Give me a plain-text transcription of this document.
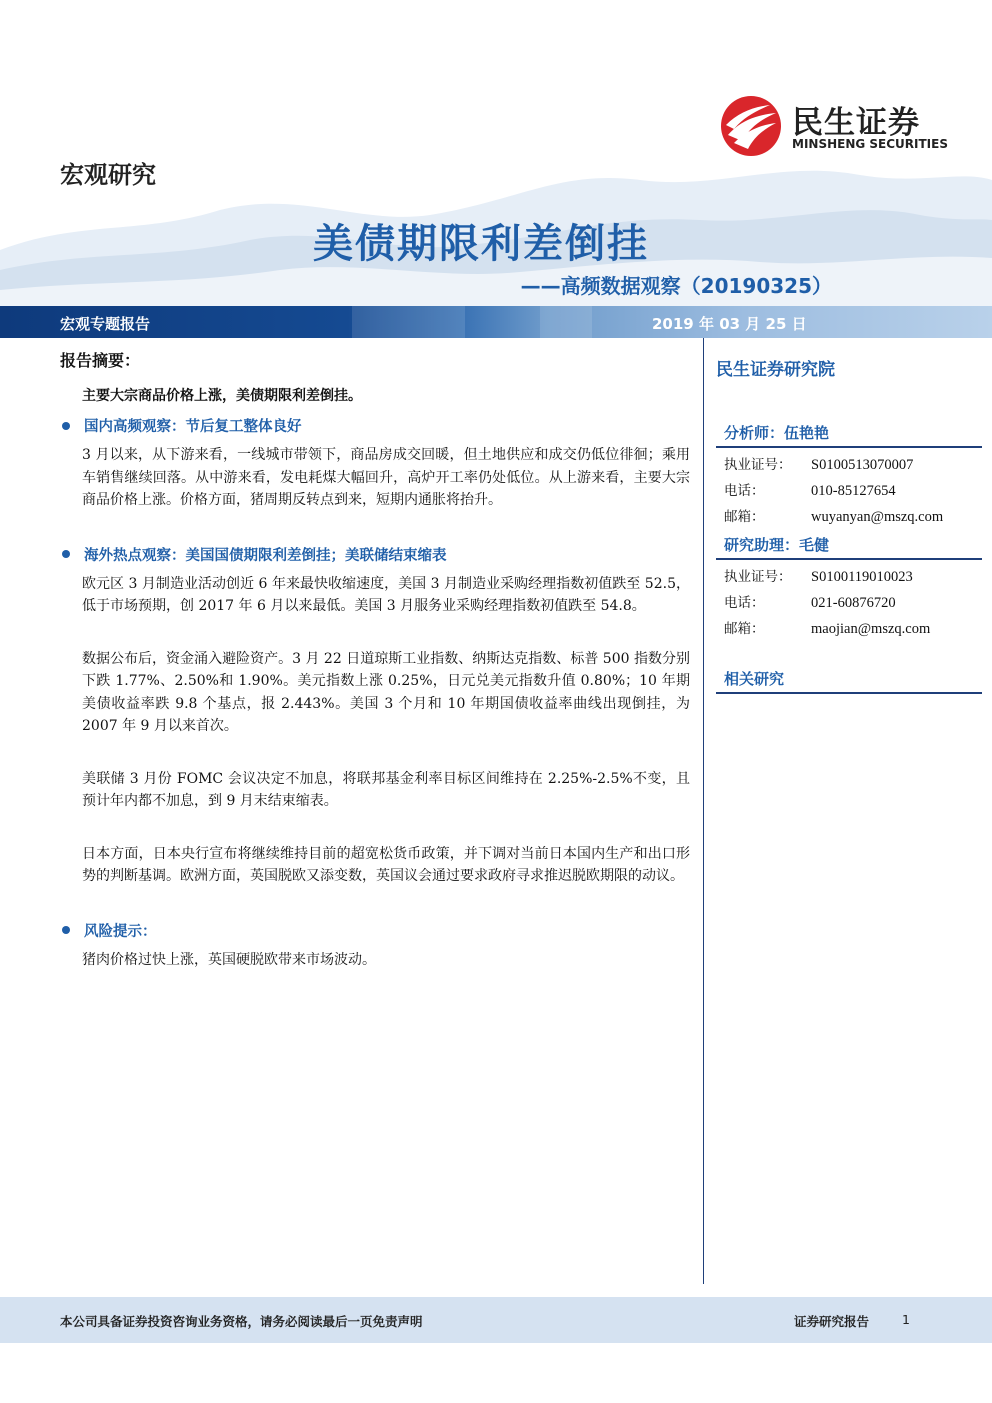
宏观研究
民生证券
MINSHENG SECURITIES
美债期限利差倒挂
——高频数据观察（20190325）
宏观专题报告	2019 年 03 月 25 日
报告摘要：
主要大宗商品价格上涨，美债期限利差倒挂。
国内高频观察：节后复工整体良好

3 月以来，从下游来看，一线城市带领下，商品房成交回暖，但土地供应和成交仍低位徘徊；乘用车销售继续回落。从中游来看，发电耗煤大幅回升，高炉开工率仍处低位。从上游来看，主要大宗商品价格上涨。价格方面，猪周期反转点到来，短期内通胀将抬升。

海外热点观察：美国国债期限利差倒挂；美联储结束缩表

欧元区 3 月制造业活动创近 6 年来最快收缩速度，美国 3 月制造业采购经理指数初值跌至 52.5，低于市场预期，创 2017 年 6 月以来最低。美国 3 月服务业采购经理指数初值跌至 54.8。

数据公布后，资金涌入避险资产。3 月 22 日道琼斯工业指数、纳斯达克指数、标普 500 指数分别下跌 1.77%、2.50%和 1.90%。美元指数上涨 0.25%，日元兑美元指数升值 0.80%；10 年期美债收益率跌 9.8 个基点，报 2.443%。美国 3 个月和 10 年期国债收益率曲线出现倒挂，为 2007 年 9 月以来首次。

美联储 3 月份 FOMC 会议决定不加息，将联邦基金利率目标区间维持在 2.25%-2.5%不变，且预计年内都不加息，到 9 月末结束缩表。

日本方面，日本央行宣布将继续维持目前的超宽松货币政策，并下调对当前日本国内生产和出口形势的判断基调。欧洲方面，英国脱欧又添变数，英国议会通过要求政府寻求推迟脱欧期限的动议。

风险提示：

猪肉价格过快上涨，英国硬脱欧带来市场波动。

民生证券研究院
分析师：伍艳艳
执业证号：	S0100513070007
电话：	010-85127654
邮箱：	wuyanyan@mszq.com
研究助理：毛健
执业证号：	S0100119010023
电话：	021-60876720
邮箱：	maojian@mszq.com
相关研究
本公司具备证券投资咨询业务资格，请务必阅读最后一页免责声明	证券研究报告	1
